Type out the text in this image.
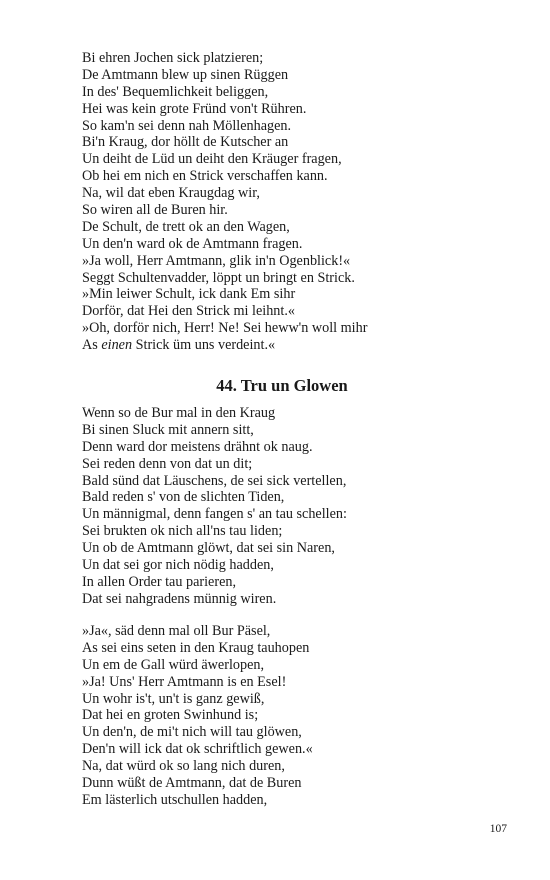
Bi ehren Jochen sick platzieren;
De Amtmann blew up sinen Rüggen
In des' Bequemlichkeit beliggen,
Hei was kein grote Fründ von't Rühren.
So kam'n sei denn nah Möllenhagen.
Bi'n Kraug, dor höllt de Kutscher an
Un deiht de Lüd un deiht den Kräuger fragen,
Ob hei em nich en Strick verschaffen kann.
Na, wil dat eben Kraugdag wir,
So wiren all de Buren hir.
De Schult, de trett ok an den Wagen,
Un den'n ward ok de Amtmann fragen.
»Ja woll, Herr Amtmann, glik in'n Ogenblick!«
Seggt Schultenvadder, löppt un bringt en Strick.
»Min leiwer Schult, ick dank Em sihr
Dorför, dat Hei den Strick mi leihnt.«
»Oh, dorför nich, Herr! Ne! Sei heww'n woll mihr
As einen Strick üm uns verdeint.«
44. Tru un Glowen
Wenn so de Bur mal in den Kraug
Bi sinen Sluck mit annern sitt,
Denn ward dor meistens drähnt ok naug.
Sei reden denn von dat un dit;
Bald sünd dat Läuschens, de sei sick vertellen,
Bald reden s' von de slichten Tiden,
Un männigmal, denn fangen s' an tau schellen:
Sei brukten ok nich all'ns tau liden;
Un ob de Amtmann glöwt, dat sei sin Naren,
Un dat sei gor nich nödig hadden,
In allen Order tau parieren,
Dat sei nahgradens münnig wiren.
»Ja«, säd denn mal oll Bur Päsel,
As sei eins seten in den Kraug tauhopen
Un em de Gall würd äwerlopen,
»Ja! Uns' Herr Amtmann is en Esel!
Un wohr is't, un't is ganz gewiß,
Dat hei en groten Swinhund is;
Un den'n, de mi't nich will tau glöwen,
Den'n will ick dat ok schriftlich gewen.«
Na, dat würd ok so lang nich duren,
Dunn wüßt de Amtmann, dat de Buren
Em lästerlich utschullen hadden,
107
